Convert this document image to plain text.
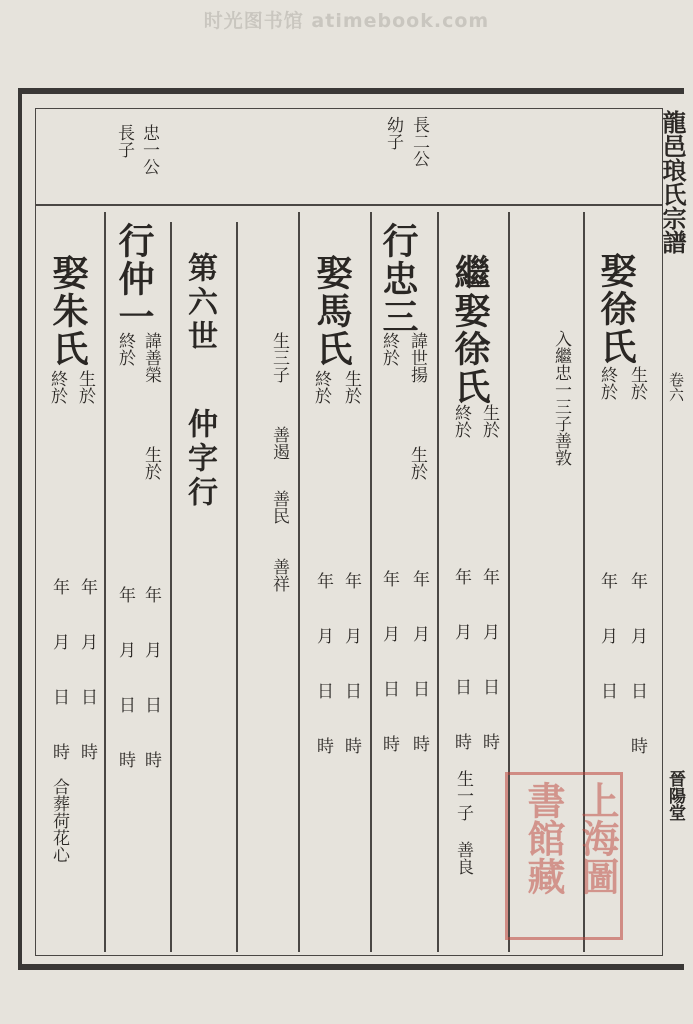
时光图书馆 atimebook.com
龍邑琅氏宗譜
卷六
晉陽堂
長二公
幼子
忠一公
長子
娶徐氏
生於
終於
年月日時
年月日
繼娶徐氏
生於
終於	入繼忠一三子善敦
年月日時
年月日時
生一子 善良
行忠三
諱世揚
生於
終於
年月日時
年月日時
娶馬氏
生於
終於
年月日時
年月日時
生三子
善遏
善民
善祥
第六世
仲字行
行仲一
諱善榮
生於
終於
年月日時
年月日時
娶朱氏
生於
終於
年月日時
年月日時
合葬荷花心	上海圖
書館藏
